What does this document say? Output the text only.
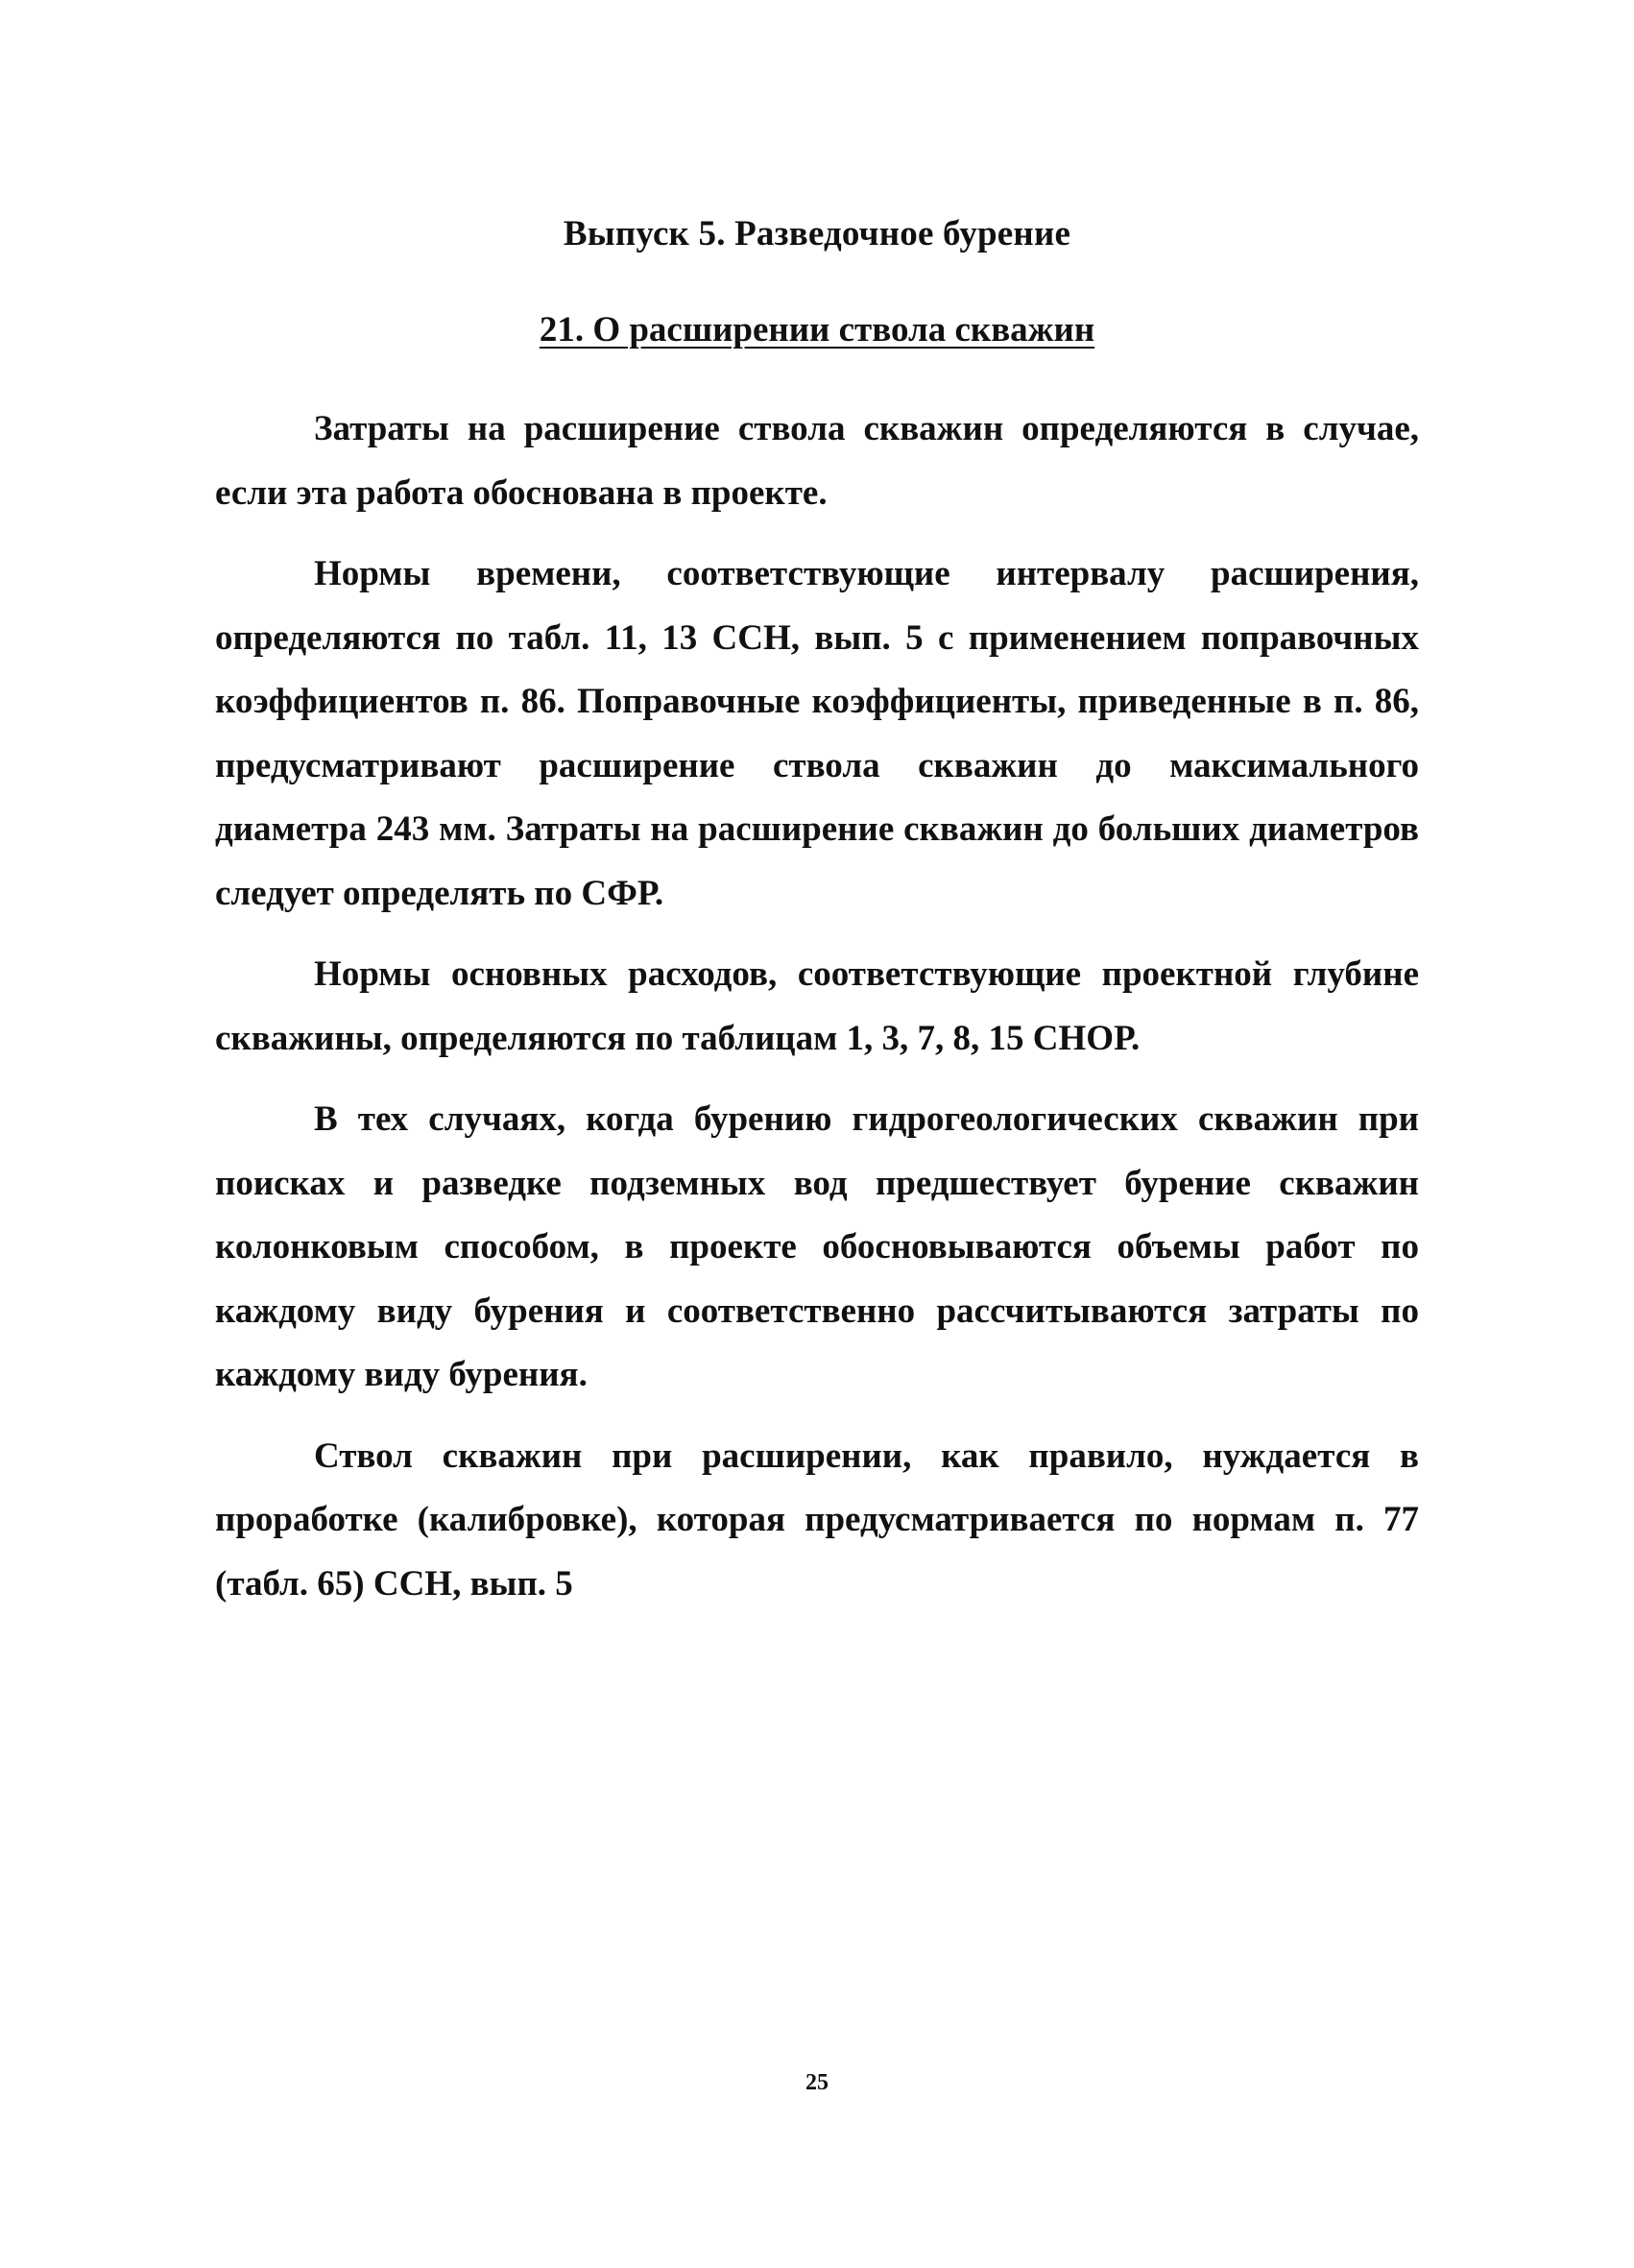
Выпуск 5. Разведочное бурение
21. О расширении ствола скважин

Затраты на расширение ствола скважин определяются в случае, если эта работа обоснована в проекте.

Нормы времени, соответствующие интервалу расширения, определяются по табл. 11, 13 ССН, вып. 5 с применением поправочных коэффициентов п. 86. Поправочные коэффициенты, приведенные в п. 86, предусматривают расширение ствола скважин до максимального диаметра 243 мм. Затраты на расширение скважин до больших диаметров следует определять по СФР.

Нормы основных расходов, соответствующие проектной глубине скважины, определяются по таблицам 1, 3, 7, 8, 15 СНОР.

В тех случаях, когда бурению гидрогеологических скважин при поисках и разведке подземных вод предшествует бурение скважин колонковым способом, в проекте обосновываются объемы работ по каждому виду бурения и соответственно рассчитываются затраты по каждому виду бурения.

Ствол скважин при расширении, как правило, нуждается в проработке (калибровке), которая предусматривается по нормам п. 77 (табл. 65) ССН, вып. 5

25
